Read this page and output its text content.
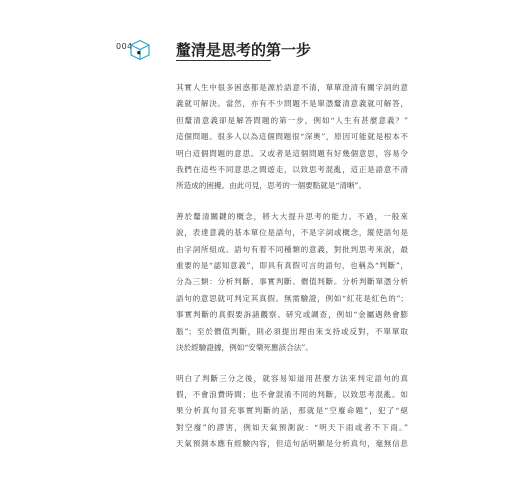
004	釐清是思考的第一步
其實人生中很多困惑都是源於語意不清，單單澄清有關字詞的意
義就可解決。當然，亦有不少問題不是單憑釐清意義就可解答，
但釐清意義卻是解答問題的第一步，例如“人生有甚麼意義？”
這個問題。很多人以為這個問題很“深奧”，原因可能就是根本不
明白這個問題的意思。又或者是這個問題有好幾個意思，容易令
我們在這些不同意思之間遊走，以致思考混亂，這正是語意不清
所造成的困擾。由此可見，思考的一個要點就是“清晰”。
善於釐清關鍵的概念，將大大提升思考的能力。不過，一般來
說，表達意義的基本單位是語句，不是字詞或概念，縱使語句是
由字詞所組成。語句有着不同種類的意義，對批判思考來說，最
重要的是“認知意義”，即具有真假可言的語句，也稱為“判斷”，
分為三類：分析判斷、事實判斷、價值判斷。分析判斷單憑分析
語句的意思就可判定其真假。無需驗證，例如“紅花是紅色的”；
事實判斷的真假要訴諸觀察、研究或調查，例如“金屬遇熱會膨
脹”；至於價值判斷，則必須提出理由來支持或反對，不單單取
決於經驗證據，例如“安樂死應該合法”。
明白了判斷三分之後，就容易知道用甚麼方法來判定語句的真
假，不會浪費時間；也不會混淆不同的判斷，以致思考混亂。如
果分析真句冒充事實判斷的話，那就是“空廢命題”，犯了“絕
對空廢”的謬害，例如天氣預測說：“明天下雨或者不下雨。”
天氣預測本應有經驗內容，但這句話明顯是分析真句，毫無信息
